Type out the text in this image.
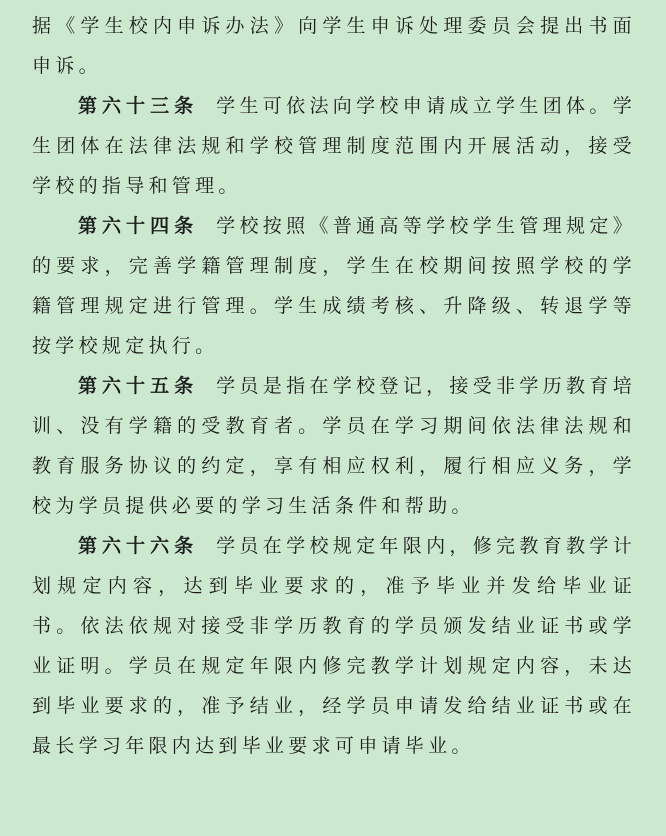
据《学生校内申诉办法》向学生申诉处理委员会提出书面申诉。

第六十三条 学生可依法向学校申请成立学生团体。学生团体在法律法规和学校管理制度范围内开展活动，接受学校的指导和管理。

第六十四条 学校按照《普通高等学校学生管理规定》的要求，完善学籍管理制度，学生在校期间按照学校的学籍管理规定进行管理。学生成绩考核、升降级、转退学等按学校规定执行。

第六十五条 学员是指在学校登记，接受非学历教育培训、没有学籍的受教育者。学员在学习期间依法律法规和教育服务协议的约定，享有相应权利，履行相应义务，学校为学员提供必要的学习生活条件和帮助。

第六十六条 学员在学校规定年限内，修完教育教学计划规定内容，达到毕业要求的，准予毕业并发给毕业证书。依法依规对接受非学历教育的学员颁发结业证书或学业证明。学员在规定年限内修完教学计划规定内容，未达到毕业要求的，准予结业，经学员申请发给结业证书或在最长学习年限内达到毕业要求可申请毕业。
